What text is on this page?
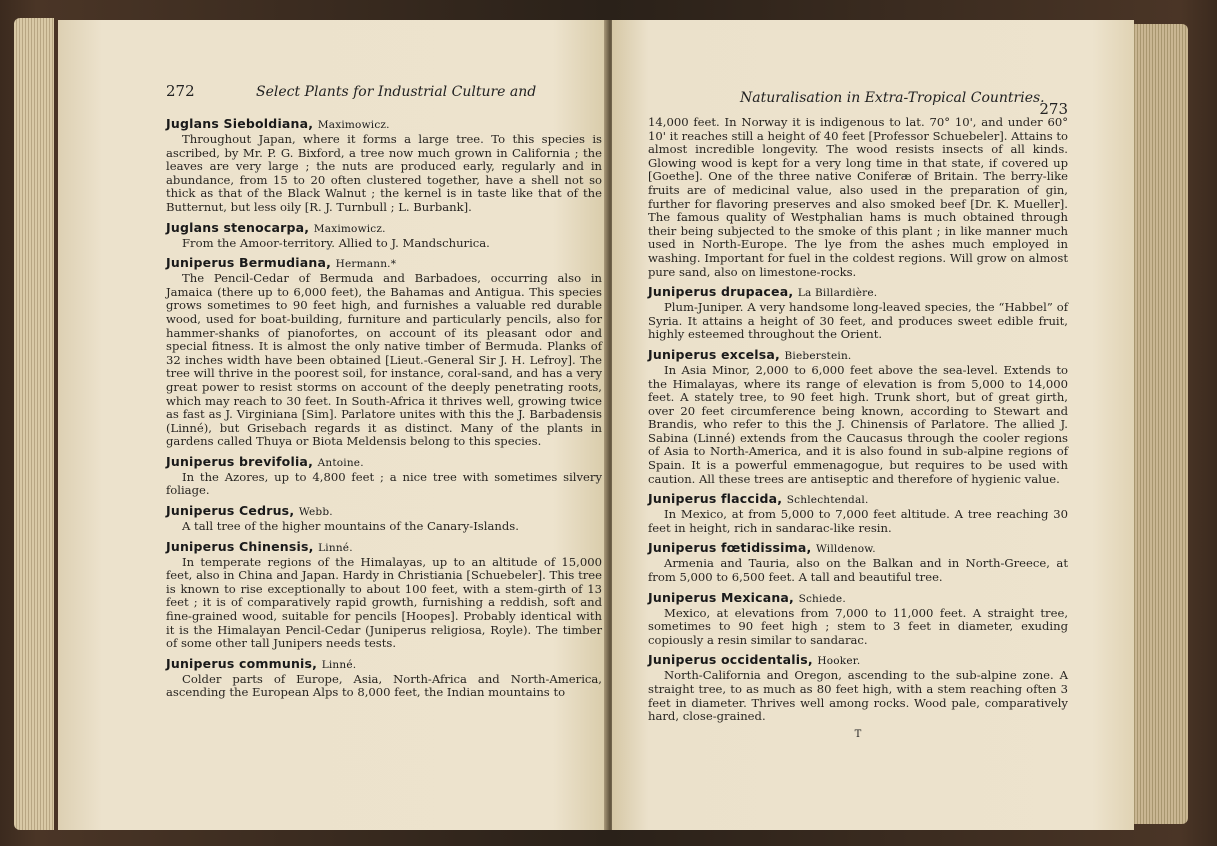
272	Select Plants for Industrial Culture and
Juglans Sieboldiana, Maximowicz.

Throughout Japan, where it forms a large tree. To this species is ascribed, by Mr. P. G. Bixford, a tree now much grown in California ; the leaves are very large ; the nuts are produced early, regularly and in abundance, from 15 to 20 often clustered together, have a shell not so thick as that of the Black Walnut ; the kernel is in taste like that of the Butternut, but less oily [R. J. Turnbull ; L. Burbank].

Juglans stenocarpa, Maximowicz.

From the Amoor-territory. Allied to J. Mandschurica.

Juniperus Bermudiana, Hermann.*

The Pencil-Cedar of Bermuda and Barbadoes, occurring also in Jamaica (there up to 6,000 feet), the Bahamas and Antigua. This species grows sometimes to 90 feet high, and furnishes a valuable red durable wood, used for boat-building, furniture and particularly pencils, also for hammer-shanks of pianofortes, on account of its pleasant odor and special fitness. It is almost the only native timber of Bermuda. Planks of 32 inches width have been obtained [Lieut.-General Sir J. H. Lefroy]. The tree will thrive in the poorest soil, for instance, coral-sand, and has a very great power to resist storms on account of the deeply penetrating roots, which may reach to 30 feet. In South-Africa it thrives well, growing twice as fast as J. Virginiana [Sim]. Parlatore unites with this the J. Barbadensis (Linné), but Grisebach regards it as distinct. Many of the plants in gardens called Thuya or Biota Meldensis belong to this species.

Juniperus brevifolia, Antoine.

In the Azores, up to 4,800 feet ; a nice tree with sometimes silvery foliage.

Juniperus Cedrus, Webb.

A tall tree of the higher mountains of the Canary-Islands.

Juniperus Chinensis, Linné.

In temperate regions of the Himalayas, up to an altitude of 15,000 feet, also in China and Japan. Hardy in Christiania [Schuebeler]. This tree is known to rise exceptionally to about 100 feet, with a stem-girth of 13 feet ; it is of comparatively rapid growth, furnishing a reddish, soft and fine-grained wood, suitable for pencils [Hoopes]. Probably identical with it is the Himalayan Pencil-Cedar (Juniperus religiosa, Royle). The timber of some other tall Junipers needs tests.

Juniperus communis, Linné.

Colder parts of Europe, Asia, North-Africa and North-America, ascending the European Alps to 8,000 feet, the Indian mountains to

Naturalisation in Extra-Tropical Countries.
273

14,000 feet. In Norway it is indigenous to lat. 70° 10', and under 60° 10' it reaches still a height of 40 feet [Professor Schuebeler]. Attains to almost incredible longevity. The wood resists insects of all kinds. Glowing wood is kept for a very long time in that state, if covered up [Goethe]. One of the three native Coniferæ of Britain. The berry-like fruits are of medicinal value, also used in the preparation of gin, further for flavoring preserves and also smoked beef [Dr. K. Mueller]. The famous quality of Westphalian hams is much obtained through their being subjected to the smoke of this plant ; in like manner much used in North-Europe. The lye from the ashes much employed in washing. Important for fuel in the coldest regions. Will grow on almost pure sand, also on limestone-rocks.

Juniperus drupacea, La Billardière.

Plum-Juniper. A very handsome long-leaved species, the “Habbel” of Syria. It attains a height of 30 feet, and produces sweet edible fruit, highly esteemed throughout the Orient.

Juniperus excelsa, Bieberstein.

In Asia Minor, 2,000 to 6,000 feet above the sea-level. Extends to the Himalayas, where its range of elevation is from 5,000 to 14,000 feet. A stately tree, to 90 feet high. Trunk short, but of great girth, over 20 feet circumference being known, according to Stewart and Brandis, who refer to this the J. Chinensis of Parlatore. The allied J. Sabina (Linné) extends from the Caucasus through the cooler regions of Asia to North-America, and it is also found in sub-alpine regions of Spain. It is a powerful emmenagogue, but requires to be used with caution. All these trees are antiseptic and therefore of hygienic value.

Juniperus flaccida, Schlechtendal.

In Mexico, at from 5,000 to 7,000 feet altitude. A tree reaching 30 feet in height, rich in sandarac-like resin.

Juniperus fœtidissima, Willdenow.

Armenia and Tauria, also on the Balkan and in North-Greece, at from 5,000 to 6,500 feet. A tall and beautiful tree.

Juniperus Mexicana, Schiede.

Mexico, at elevations from 7,000 to 11,000 feet. A straight tree, sometimes to 90 feet high ; stem to 3 feet in diameter, exuding copiously a resin similar to sandarac.

Juniperus occidentalis, Hooker.

North-California and Oregon, ascending to the sub-alpine zone. A straight tree, to as much as 80 feet high, with a stem reaching often 3 feet in diameter. Thrives well among rocks. Wood pale, comparatively hard, close-grained.

T
